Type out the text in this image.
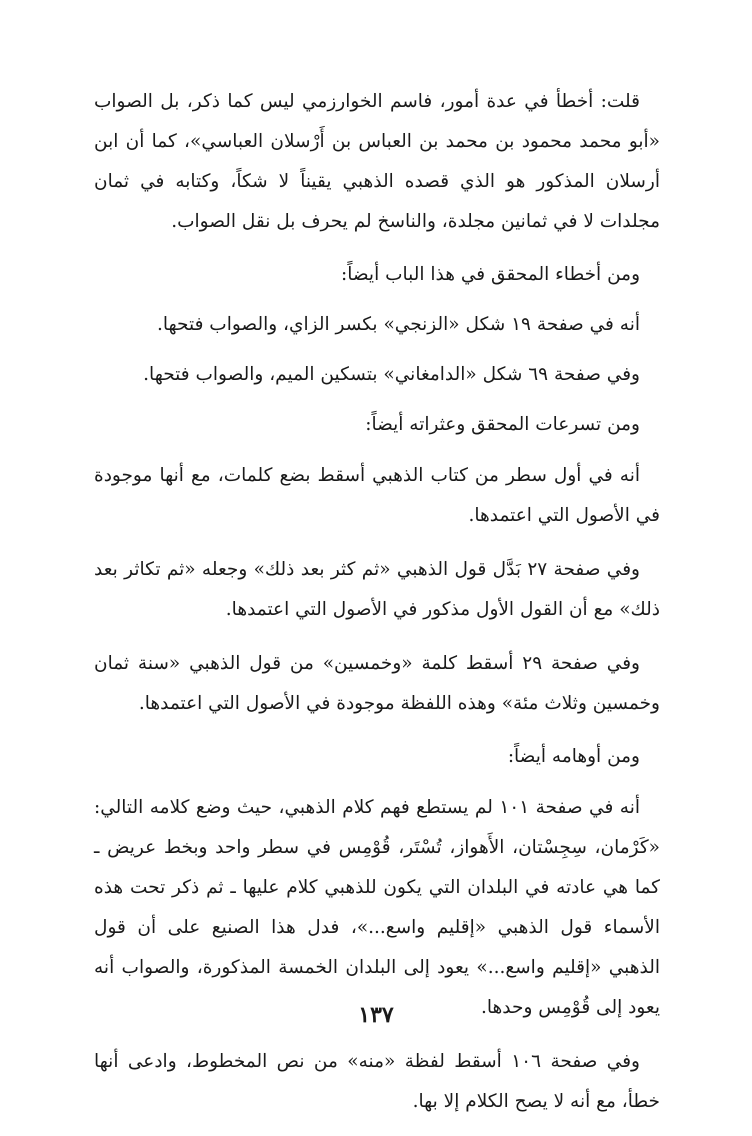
قلت: أخطأ في عدة أمور، فاسم الخوارزمي ليس كما ذكر، بل الصواب «أبو محمد محمود بن محمد بن العباس بن أَرْسلان العباسي»، كما أن ابن أرسلان المذكور هو الذي قصده الذهبي يقيناً لا شكاً، وكتابه في ثمان مجلدات لا في ثمانين مجلدة، والناسخ لم يحرف بل نقل الصواب.

ومن أخطاء المحقق في هذا الباب أيضاً:

أنه في صفحة ١٩ شكل «الزنجي» بكسر الزاي، والصواب فتحها.

وفي صفحة ٦٩ شكل «الدامغاني» بتسكين الميم، والصواب فتحها.

ومن تسرعات المحقق وعثراته أيضاً:

أنه في أول سطر من كتاب الذهبي أسقط بضع كلمات، مع أنها موجودة في الأصول التي اعتمدها.

وفي صفحة ٢٧ بَدَّل قول الذهبي «ثم كثر بعد ذلك» وجعله «ثم تكاثر بعد ذلك» مع أن القول الأول مذكور في الأصول التي اعتمدها.

وفي صفحة ٢٩ أسقط كلمة «وخمسين» من قول الذهبي «سنة ثمان وخمسين وثلاث مئة» وهذه اللفظة موجودة في الأصول التي اعتمدها.

ومن أوهامه أيضاً:

أنه في صفحة ١٠١ لم يستطع فهم كلام الذهبي، حيث وضع كلامه التالي: «كَرْمان، سِجِسْتان، الأَهواز، تُسْتَر، قُوْمِس في سطر واحد وبخط عريض ـ كما هي عادته في البلدان التي يكون للذهبي كلام عليها ـ ثم ذكر تحت هذه الأسماء قول الذهبي «إقليم واسع...»، فدل هذا الصنيع على أن قول الذهبي «إقليم واسع...» يعود إلى البلدان الخمسة المذكورة، والصواب أنه يعود إلى قُوْمِس وحدها.

وفي صفحة ١٠٦ أسقط لفظة «منه» من نص المخطوط، وادعى أنها خطأ، مع أنه لا يصح الكلام إلا بها.

١٣٧
